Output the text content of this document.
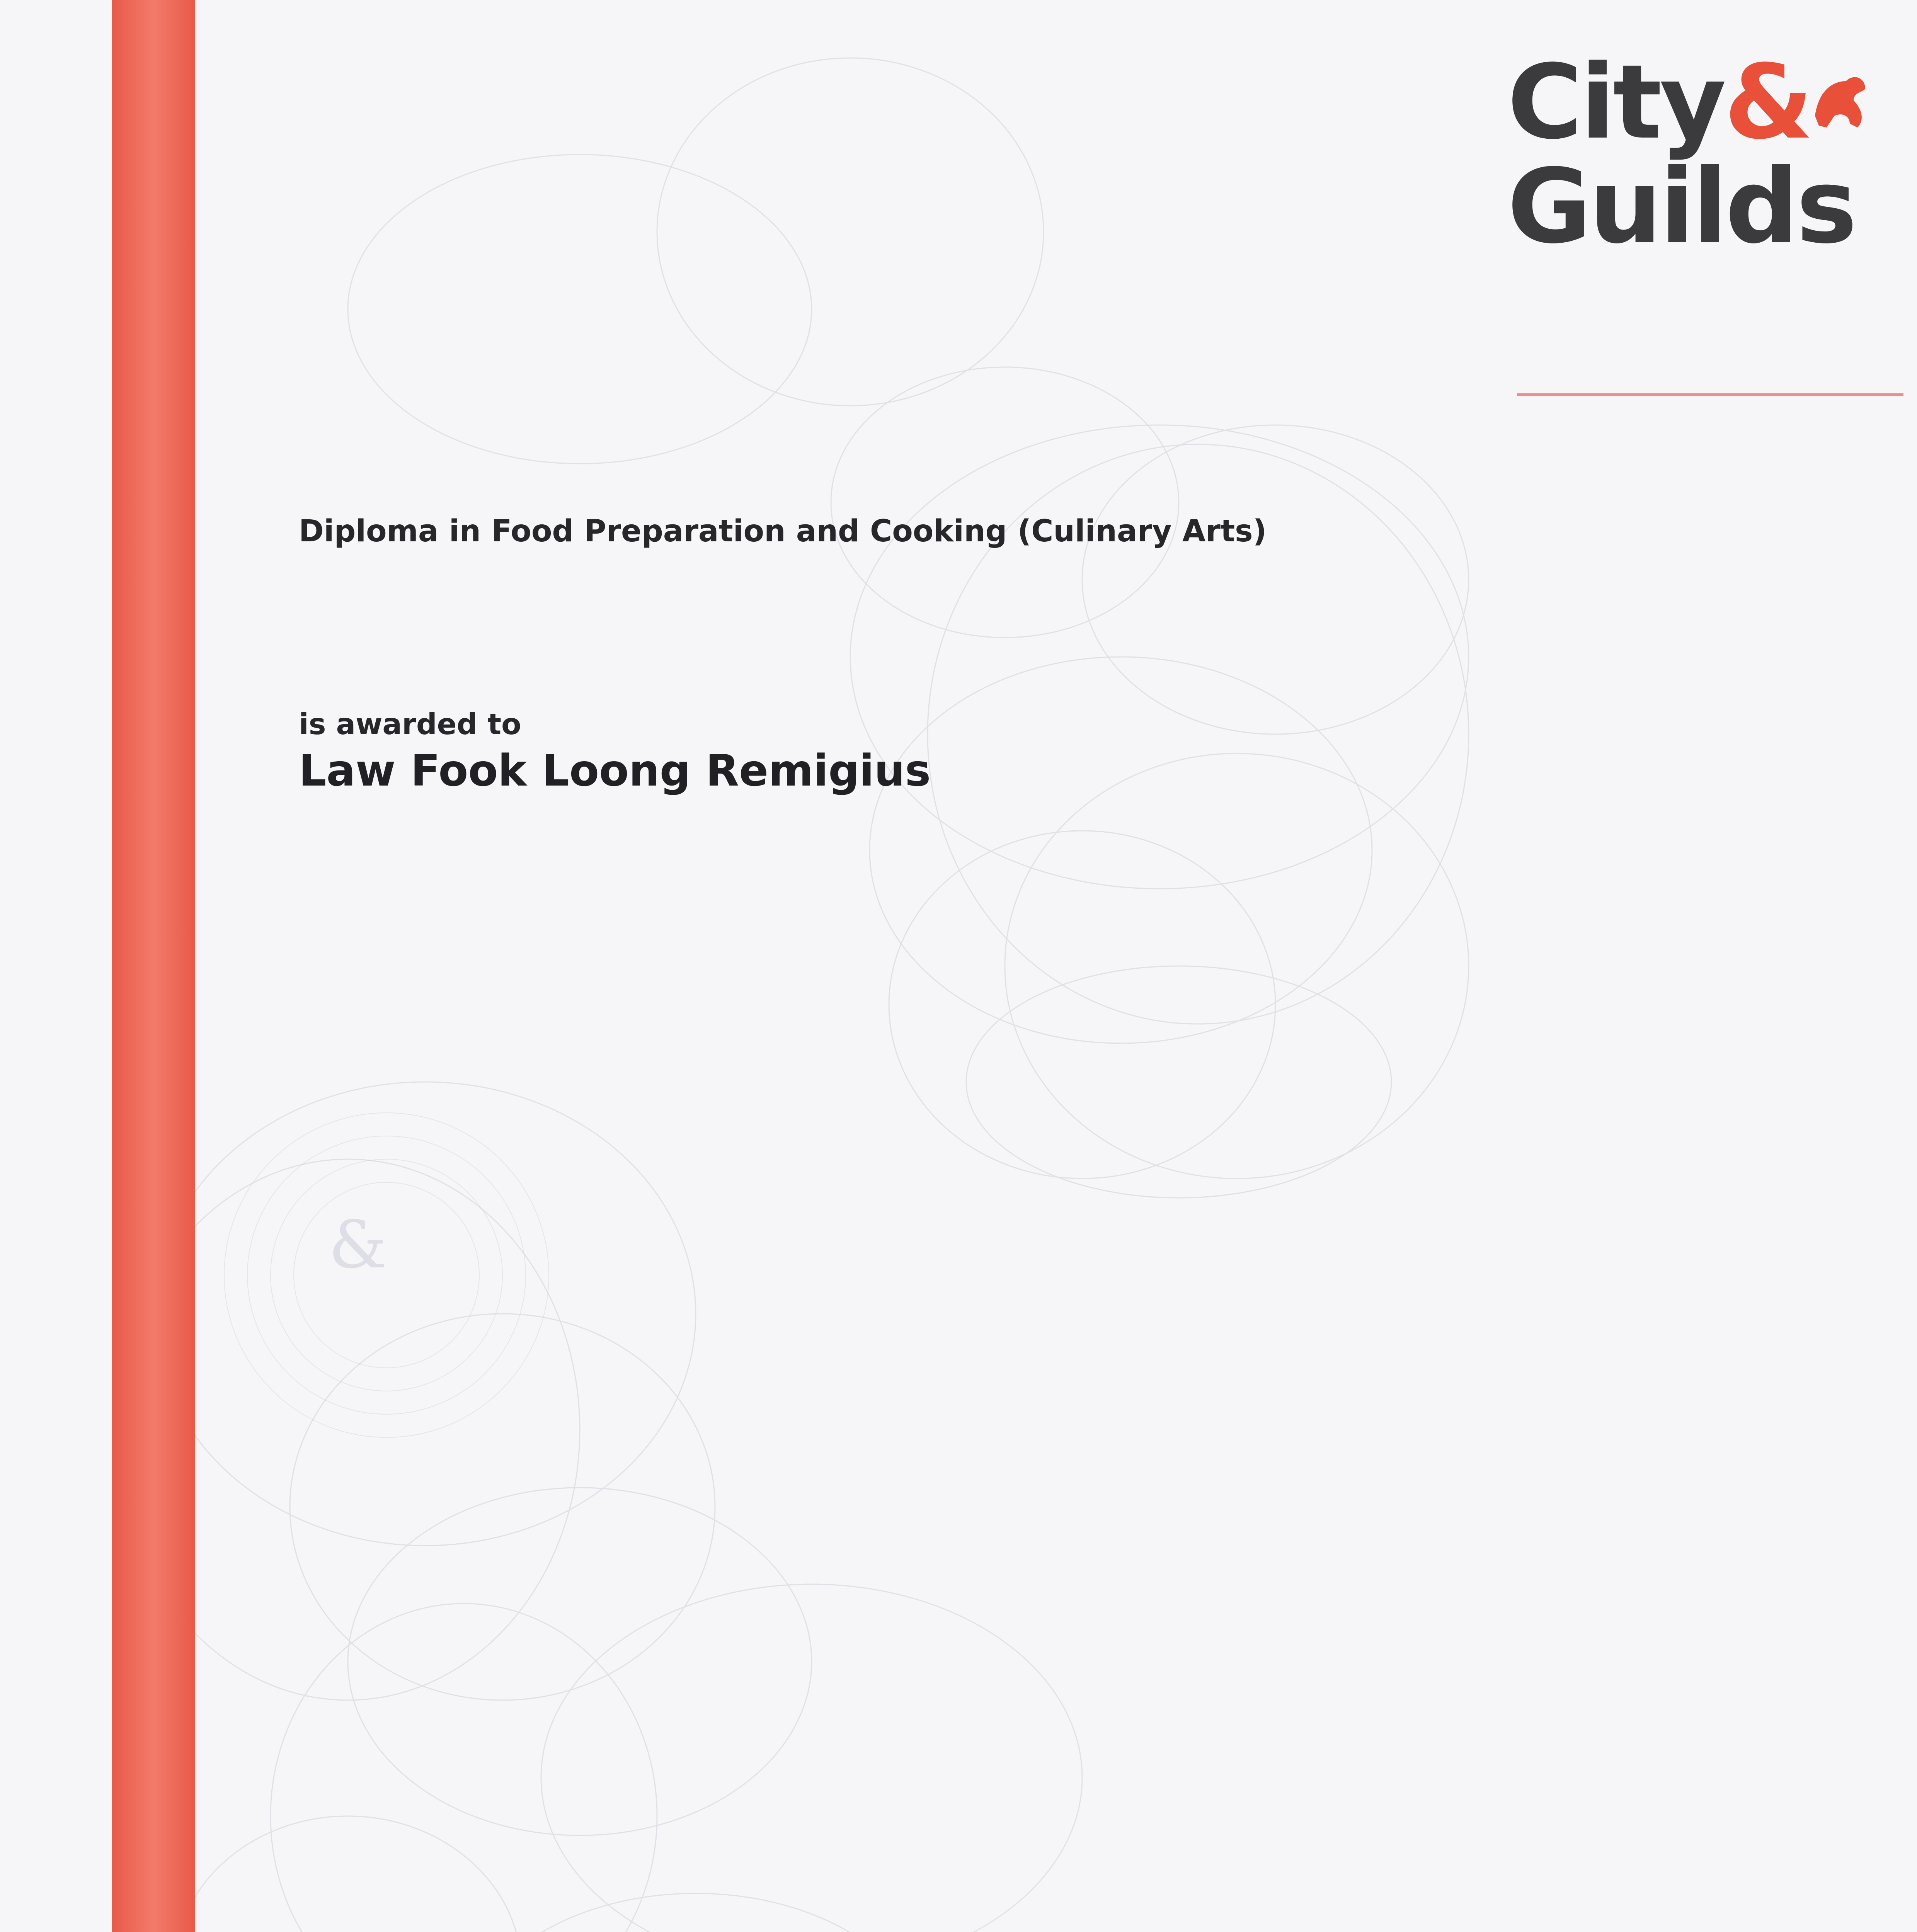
&
City&
Guilds
Diploma in Food Preparation and Cooking (Culinary Arts)
is awarded to
Law Fook Loong Remigius
